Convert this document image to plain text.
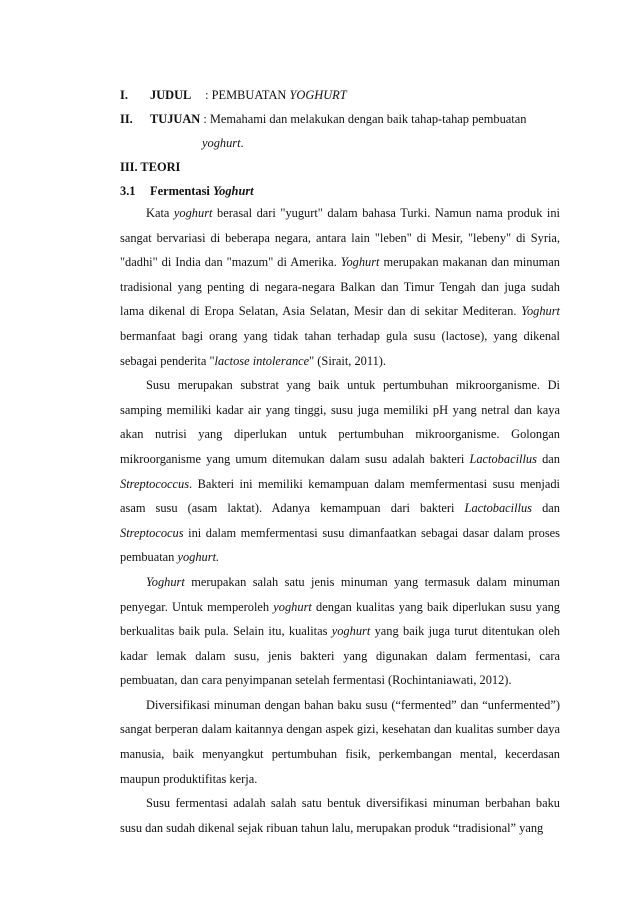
I.	JUDUL : PEMBUATAN YOGHURT
II.	TUJUAN : Memahami dan melakukan dengan baik tahap-tahap pembuatan
yoghurt.
III. TEORI
3.1	Fermentasi Yoghurt

Kata yoghurt berasal dari "yugurt" dalam bahasa Turki. Namun nama produk ini sangat bervariasi di beberapa negara, antara lain "leben" di Mesir, "lebeny" di Syria, "dadhi" di India dan "mazum" di Amerika. Yoghurt merupakan makanan dan minuman tradisional yang penting di negara-negara Balkan dan Timur Tengah dan juga sudah lama dikenal di Eropa Selatan, Asia Selatan, Mesir dan di sekitar Mediteran. Yoghurt bermanfaat bagi orang yang tidak tahan terhadap gula susu (lactose), yang dikenal sebagai penderita "lactose intolerance" (Sirait, 2011).

Susu merupakan substrat yang baik untuk pertumbuhan mikroorganisme. Di samping memiliki kadar air yang tinggi, susu juga memiliki pH yang netral dan kaya akan nutrisi yang diperlukan untuk pertumbuhan mikroorganisme. Golongan mikroorganisme yang umum ditemukan dalam susu adalah bakteri Lactobacillus dan Streptococcus. Bakteri ini memiliki kemampuan dalam memfermentasi susu menjadi asam susu (asam laktat). Adanya kemampuan dari bakteri Lactobacillus dan Streptococus ini dalam memfermentasi susu dimanfaatkan sebagai dasar dalam proses pembuatan yoghurt.

Yoghurt merupakan salah satu jenis minuman yang termasuk dalam minuman penyegar. Untuk memperoleh yoghurt dengan kualitas yang baik diperlukan susu yang berkualitas baik pula. Selain itu, kualitas yoghurt yang baik juga turut ditentukan oleh kadar lemak dalam susu, jenis bakteri yang digunakan dalam fermentasi, cara pembuatan, dan cara penyimpanan setelah fermentasi (Rochintaniawati, 2012).

Diversifikasi minuman dengan bahan baku susu (“fermented” dan “unfermented”) sangat berperan dalam kaitannya dengan aspek gizi, kesehatan dan kualitas sumber daya manusia, baik menyangkut pertumbuhan fisik, perkembangan mental, kecerdasan maupun produktifitas kerja.

Susu fermentasi adalah salah satu bentuk diversifikasi minuman berbahan baku susu dan sudah dikenal sejak ribuan tahun lalu, merupakan produk “tradisional” yang
